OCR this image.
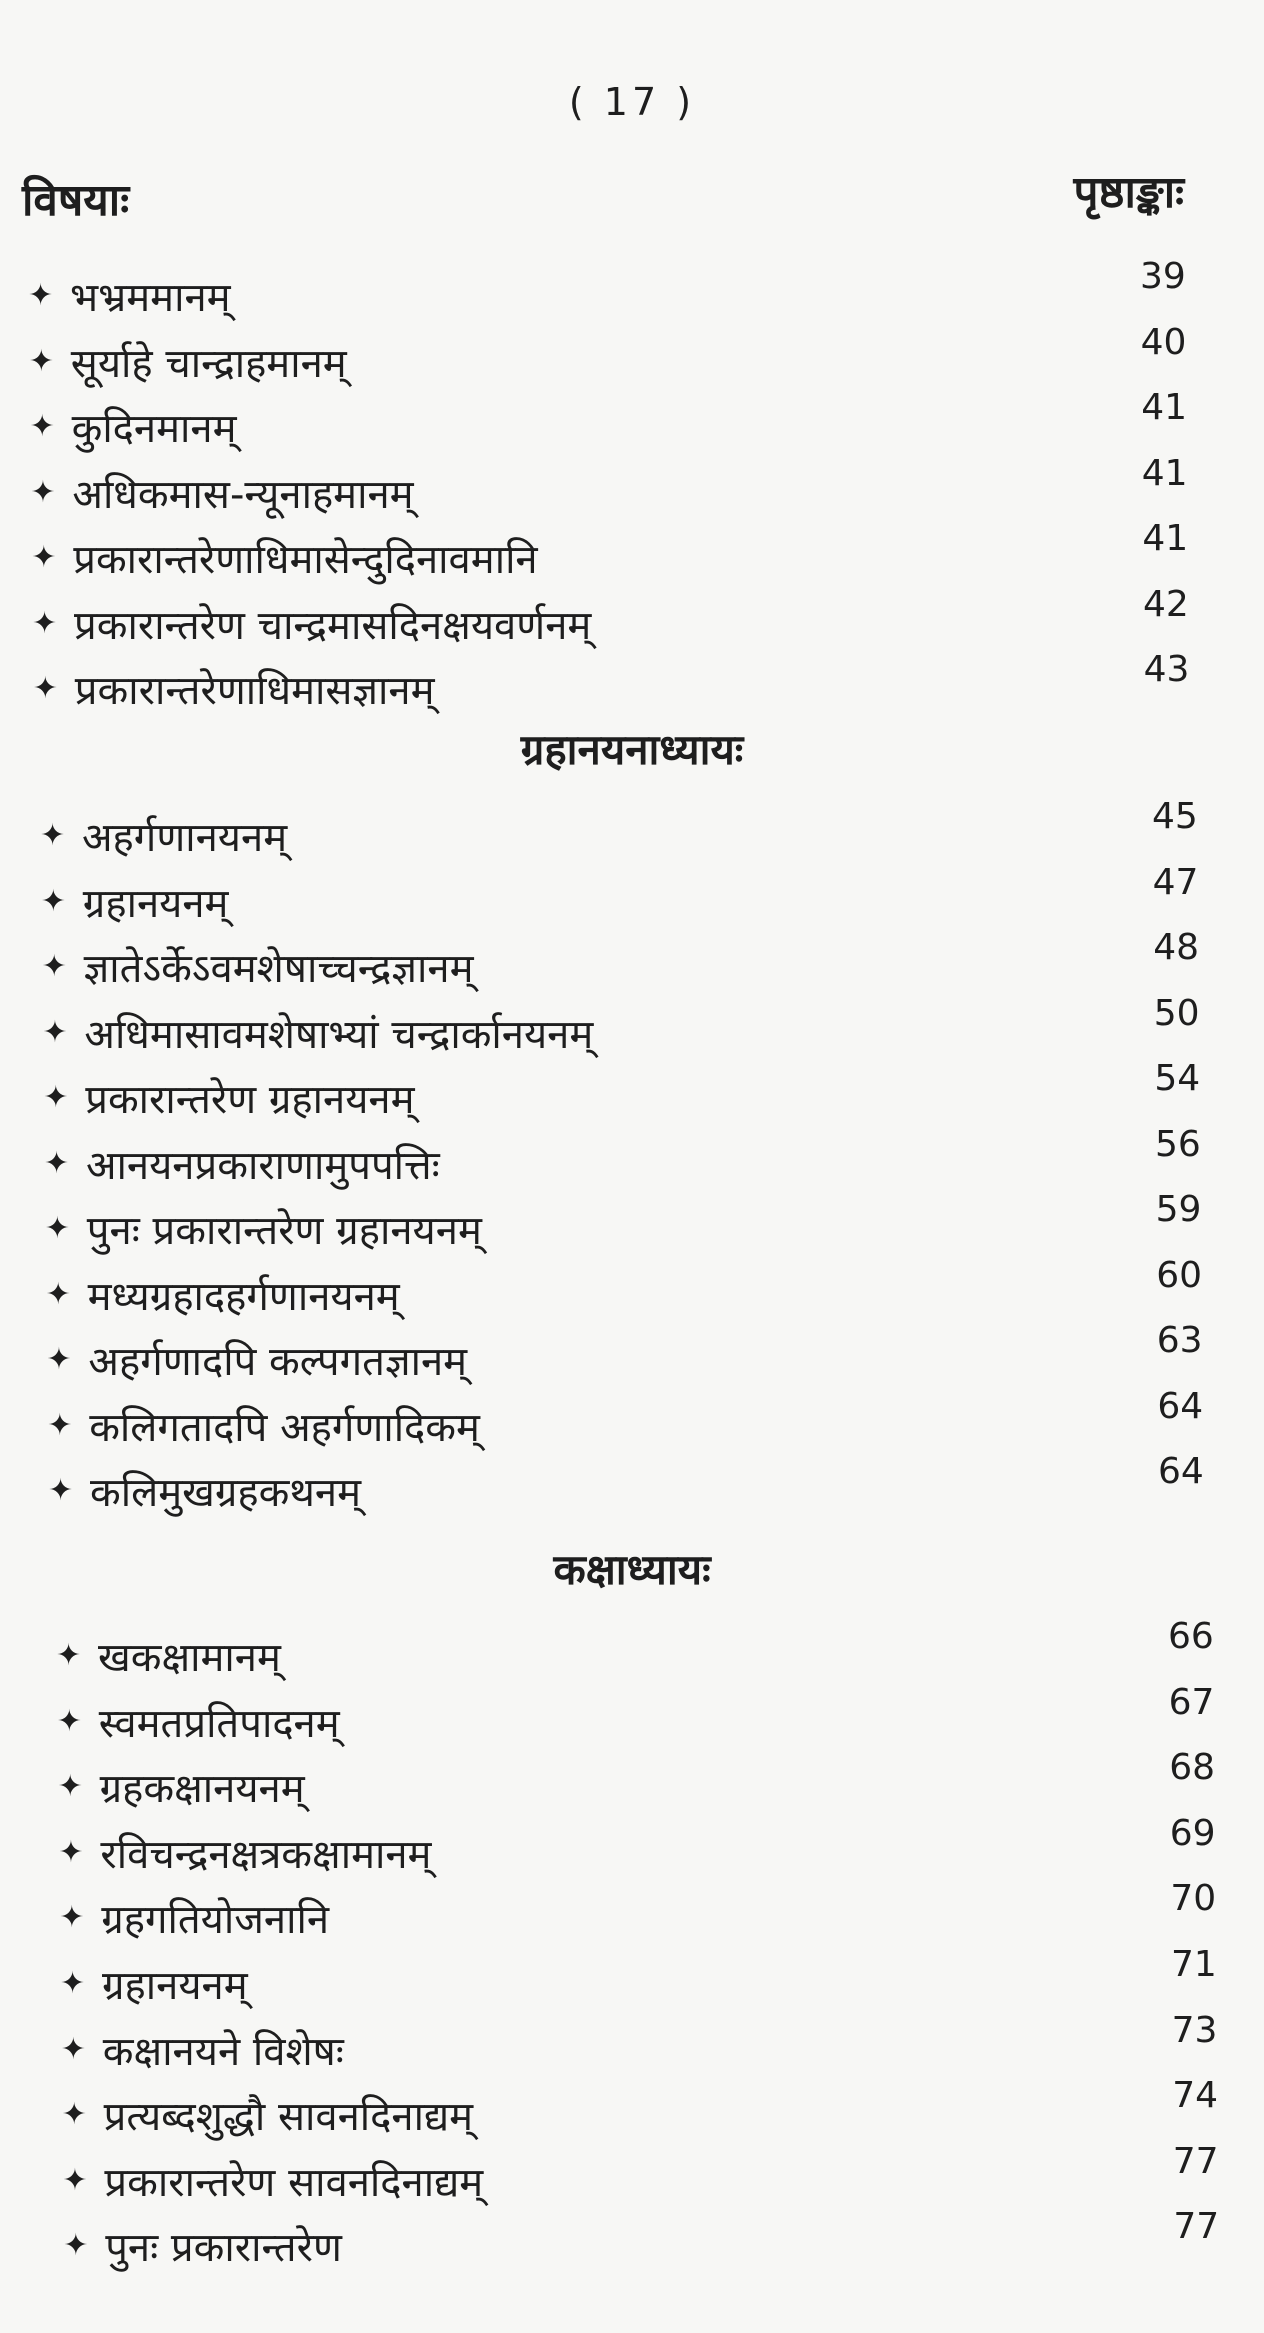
( 17 )
विषयाः	पृष्ठाङ्काः
✦ भभ्रममानम्	39
✦ सूर्याहे चान्द्राहमानम्	40
✦ कुदिनमानम्	41
✦ अधिकमास-न्यूनाहमानम्	41
✦ प्रकारान्तरेणाधिमासेन्दुदिनावमानि	41
✦ प्रकारान्तरेण चान्द्रमासदिनक्षयवर्णनम्	42
✦ प्रकारान्तरेणाधिमासज्ञानम्	43
ग्रहानयनाध्यायः
✦ अहर्गणानयनम्	45
✦ ग्रहानयनम्	47
✦ ज्ञातेऽर्केऽवमशेषाच्चन्द्रज्ञानम्	48
✦ अधिमासावमशेषाभ्यां चन्द्रार्कानयनम्	50
✦ प्रकारान्तरेण ग्रहानयनम्	54
✦ आनयनप्रकाराणामुपपत्तिः	56
✦ पुनः प्रकारान्तरेण ग्रहानयनम्	59
✦ मध्यग्रहादहर्गणानयनम्	60
✦ अहर्गणादपि कल्पगतज्ञानम्	63
✦ कलिगतादपि अहर्गणादिकम्	64
✦ कलिमुखग्रहकथनम्	64
कक्षाध्यायः
✦ खकक्षामानम्	66
✦ स्वमतप्रतिपादनम्	67
✦ ग्रहकक्षानयनम्	68
✦ रविचन्द्रनक्षत्रकक्षामानम्	69
✦ ग्रहगतियोजनानि	70
✦ ग्रहानयनम्	71
✦ कक्षानयने विशेषः	73
✦ प्रत्यब्दशुद्धौ सावनदिनाद्यम्	74
✦ प्रकारान्तरेण सावनदिनाद्यम्	77
✦ पुनः प्रकारान्तरेण	77
